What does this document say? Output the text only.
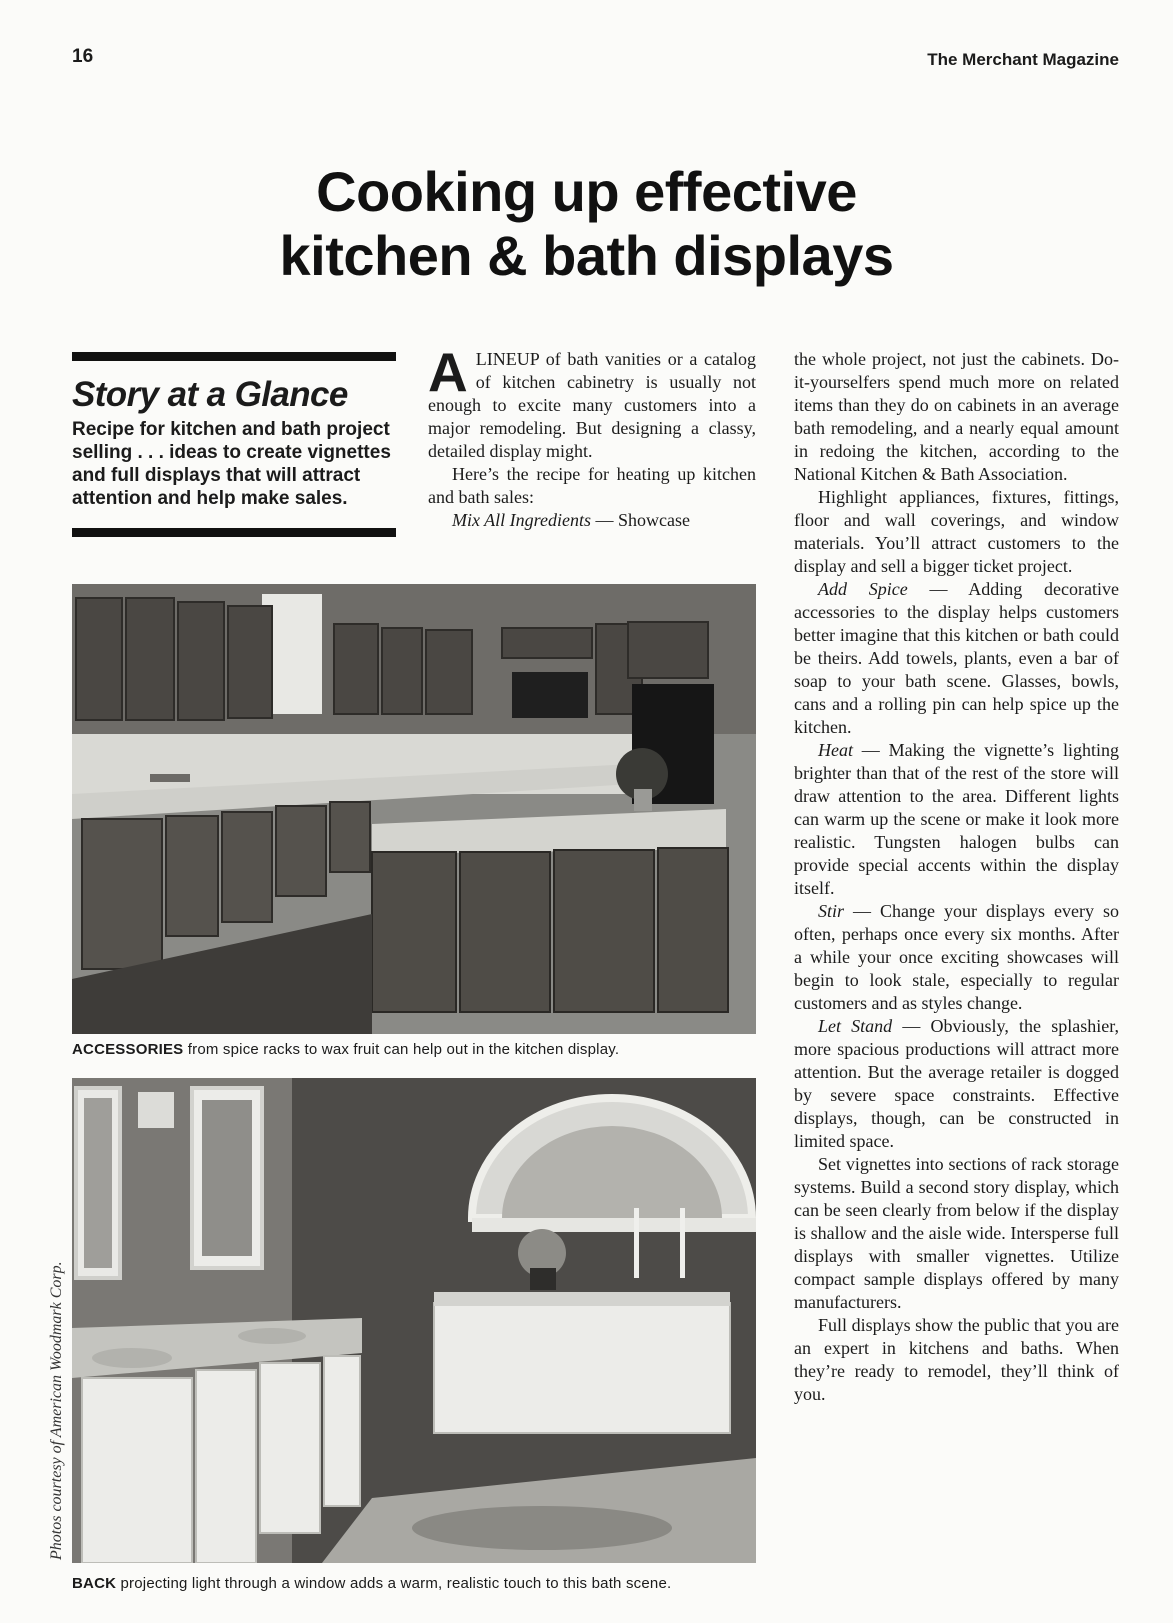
16	The Merchant Magazine
Cooking up effective
kitchen & bath displays
Story at a Glance
Recipe for kitchen and bath project selling . . . ideas to create vignettes and full displays that will attract attention and help make sales.

ALINEUP of bath vanities or a catalog of kitchen cabinetry is usually not enough to excite many customers into a major remodeling. But designing a classy, detailed display might.

Here’s the recipe for heating up kitchen and bath sales:

Mix All Ingredients — Showcase

the whole project, not just the cabinets. Do-it-yourselfers spend much more on related items than they do on cabinets in an average bath remodeling, and a nearly equal amount in redoing the kitchen, according to the National Kitchen & Bath Association.

Highlight appliances, fixtures, fittings, floor and wall coverings, and window materials. You’ll attract customers to the display and sell a bigger ticket project.

Add Spice — Adding decorative accessories to the display helps customers better imagine that this kitchen or bath could be theirs. Add towels, plants, even a bar of soap to your bath scene. Glasses, bowls, cans and a rolling pin can help spice up the kitchen.

Heat — Making the vignette’s lighting brighter than that of the rest of the store will draw attention to the area. Different lights can warm up the scene or make it look more realistic. Tungsten halogen bulbs can provide special accents within the display itself.

Stir — Change your displays every so often, perhaps once every six months. After a while your once exciting showcases will begin to look stale, especially to regular customers and as styles change.

Let Stand — Obviously, the splashier, more spacious productions will attract more attention. But the average retailer is dogged by severe space constraints. Effective displays, though, can be constructed in limited space.

Set vignettes into sections of rack storage systems. Build a second story display, which can be seen clearly from below if the display is shallow and the aisle wide. Intersperse full displays with smaller vignettes. Utilize compact sample displays offered by many manufacturers.

Full displays show the public that you are an expert in kitchens and baths. When they’re ready to remodel, they’ll think of you.

ACCESSORIES from spice racks to wax fruit can help out in the kitchen display.
BACK projecting light through a window adds a warm, realistic touch to this bath scene.
Photos courtesy of American Woodmark Corp.
